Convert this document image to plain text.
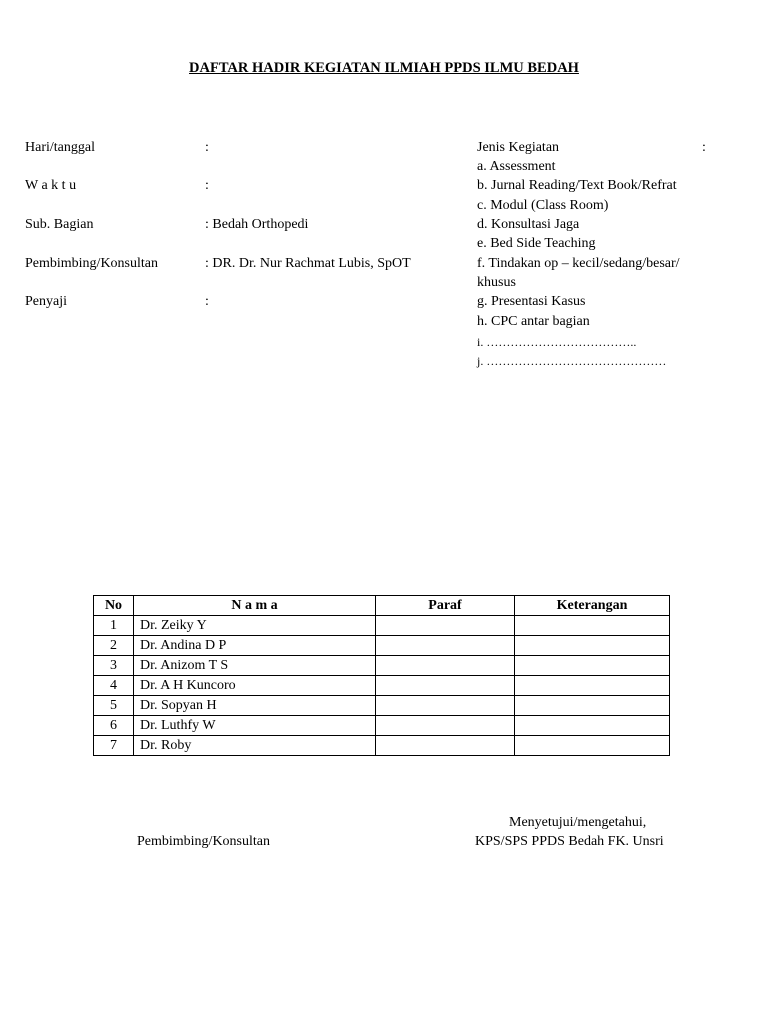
DAFTAR HADIR KEGIATAN ILMIAH PPDS ILMU BEDAH
Hari/tanggal	:
W a k t u	:
Sub. Bagian	: Bedah Orthopedi
Pembimbing/Konsultan	: DR. Dr. Nur Rachmat Lubis, SpOT
Penyaji	:
Jenis Kegiatan	:
a. Assessment
b. Jurnal Reading/Text Book/Refrat
c. Modul (Class Room)
d. Konsultasi Jaga
e. Bed Side Teaching
f. Tindakan op – kecil/sedang/besar/
khusus
g. Presentasi Kasus
h. CPC antar bagian
i. ………………………………..
j. ………………………………………
No	N a m a	Paraf	Keterangan
1	Dr. Zeiky Y		
2	Dr. Andina D P		
3	Dr. Anizom T S		
4	Dr. A H Kuncoro		
5	Dr. Sopyan H		
6	Dr. Luthfy W		
7	Dr. Roby		
Menyetujui/mengetahui,
Pembimbing/Konsultan	KPS/SPS PPDS Bedah FK. Unsri
